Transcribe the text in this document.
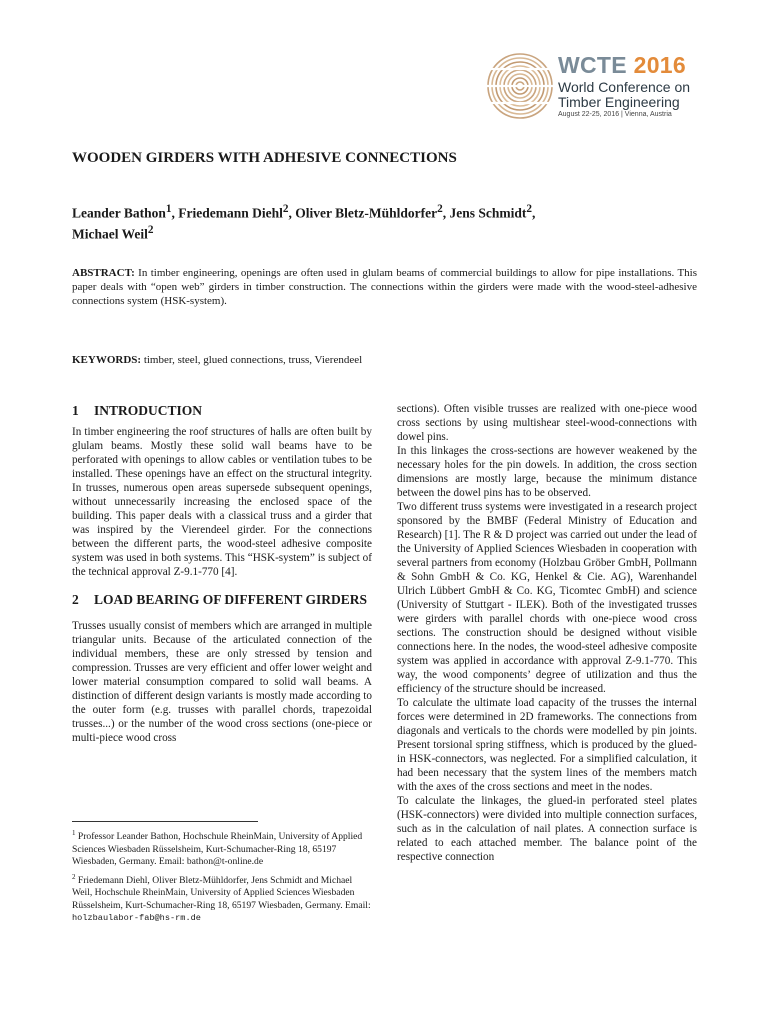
WCTE 2016
World Conference on
Timber Engineering
August 22-25, 2016 | Vienna, Austria
WOODEN GIRDERS WITH ADHESIVE CONNECTIONS
Leander Bathon$^1$, Friedemann Diehl$^2$, Oliver Bletz-Mühldorfer$^2$, Jens Schmidt$^2$,
Michael Weil$^2$
ABSTRACT: In timber engineering, openings are often used in glulam beams of commercial buildings to allow for pipe installations. This paper deals with “open web” girders in timber construction. The connections within the girders were made with the wood-steel-adhesive connections system (HSK-system).
KEYWORDS: timber, steel, glued connections, truss, Vierendeel
1	INTRODUCTION

In timber engineering the roof structures of halls are often built by glulam beams. Mostly these solid wall beams have to be perforated with openings to allow cables or ventilation tubes to be installed. These openings have an effect on the structural integrity. In trusses, numerous open areas supersede subsequent openings, without unnecessarily increasing the enclosed space of the building. This paper deals with a classical truss and a girder that was inspired by the Vierendeel girder. For the connections between the different parts, the wood-steel adhesive composite system was used in both systems. This “HSK-system” is subject of the technical approval Z-9.1-770 [4].

2	LOAD BEARING OF DIFFERENT GIRDERS

Trusses usually consist of members which are arranged in multiple triangular units. Because of the articulated connection of the individual members, these are only stressed by tension and compression. Trusses are very efficient and offer lower weight and lower material consumption compared to solid wall beams. A distinction of different design variants is mostly made according to the outer form (e.g. trusses with parallel chords, trapezoidal trusses...) or the number of the wood cross sections (one-piece or multi-piece wood cross

sections). Often visible trusses are realized with one-piece wood cross sections by using multishear steel-wood-connections with dowel pins.

In this linkages the cross-sections are however weakened by the necessary holes for the pin dowels. In addition, the cross section dimensions are mostly large, because the minimum distance between the dowel pins has to be observed.

Two different truss systems were investigated in a research project sponsored by the BMBF (Federal Ministry of Education and Research) [1]. The R & D project was carried out under the lead of the University of Applied Sciences Wiesbaden in cooperation with several partners from economy (Holzbau Gröber GmbH, Pollmann & Sohn GmbH & Co. KG, Henkel & Cie. AG), Warenhandel Ulrich Lübbert GmbH & Co. KG, Ticomtec GmbH) and science (University of Stuttgart - ILEK). Both of the investigated trusses were girders with parallel chords with one-piece wood cross sections. The construction should be designed without visible connections here. In the nodes, the wood-steel adhesive composite system was applied in accordance with approval Z-9.1-770. This way, the wood components’ degree of utilization and thus the efficiency of the structure should be increased.

To calculate the ultimate load capacity of the trusses the internal forces were determined in 2D frameworks. The connections from diagonals and verticals to the chords were modelled by pin joints. Present torsional spring stiffness, which is produced by the glued-in HSK-connectors, was neglected. For a simplified calculation, it had been necessary that the system lines of the members match with the axes of the cross sections and meet in the nodes.

To calculate the linkages, the glued-in perforated steel plates (HSK-connectors) were divided into multiple connection surfaces, such as in the calculation of nail plates. A connection surface is related to each attached member. The balance point of the respective connection

$^1$ Professor Leander Bathon, Hochschule RheinMain, University of Applied Sciences Wiesbaden Rüsselsheim, Kurt-Schumacher-Ring 18, 65197 Wiesbaden, Germany. Email: bathon@t-online.de

$^2$ Friedemann Diehl, Oliver Bletz-Mühldorfer, Jens Schmidt and Michael Weil, Hochschule RheinMain, University of Applied Sciences Wiesbaden Rüsselsheim, Kurt-Schumacher-Ring 18, 65197 Wiesbaden, Germany. Email: holzbaulabor-fab@hs-rm.de
